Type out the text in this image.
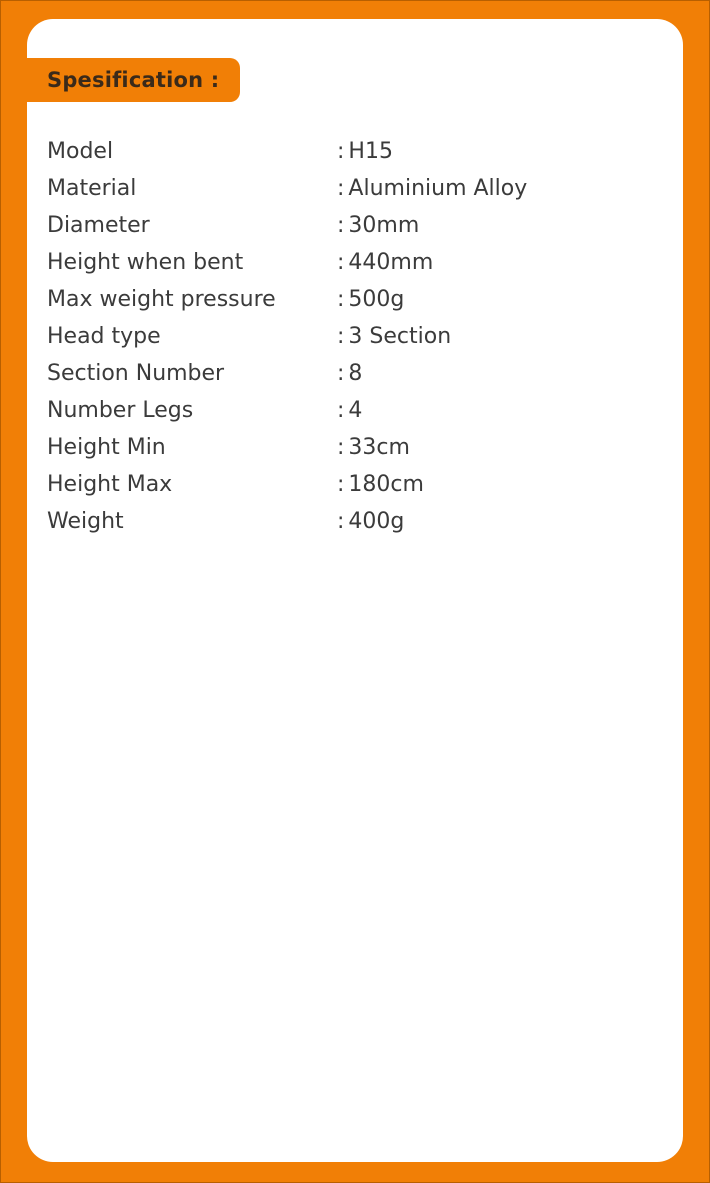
Spesification :
Model	: H15
Material	: Aluminium Alloy
Diameter	: 30mm
Height when bent	: 440mm
Max weight pressure	: 500g
Head type	: 3 Section
Section Number	: 8
Number Legs	: 4
Height Min	: 33cm
Height Max	: 180cm
Weight	: 400g
